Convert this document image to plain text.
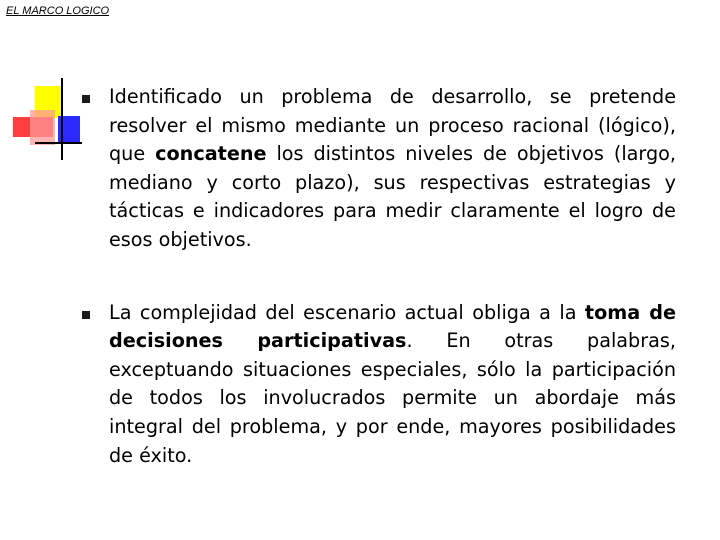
EL MARCO LOGICO
Identificado un problema de desarrollo, se pretende resolver el mismo mediante un proceso racional (lógico), que concatene los distintos niveles de objetivos (largo, mediano y corto plazo), sus respectivas estrategias y tácticas e indicadores para medir claramente el logro de esos objetivos.
La complejidad del escenario actual obliga a la toma de decisiones participativas. En otras palabras, exceptuando situaciones especiales, sólo la participación de todos los involucrados permite un abordaje más integral del problema, y por ende, mayores posibilidades de éxito.
